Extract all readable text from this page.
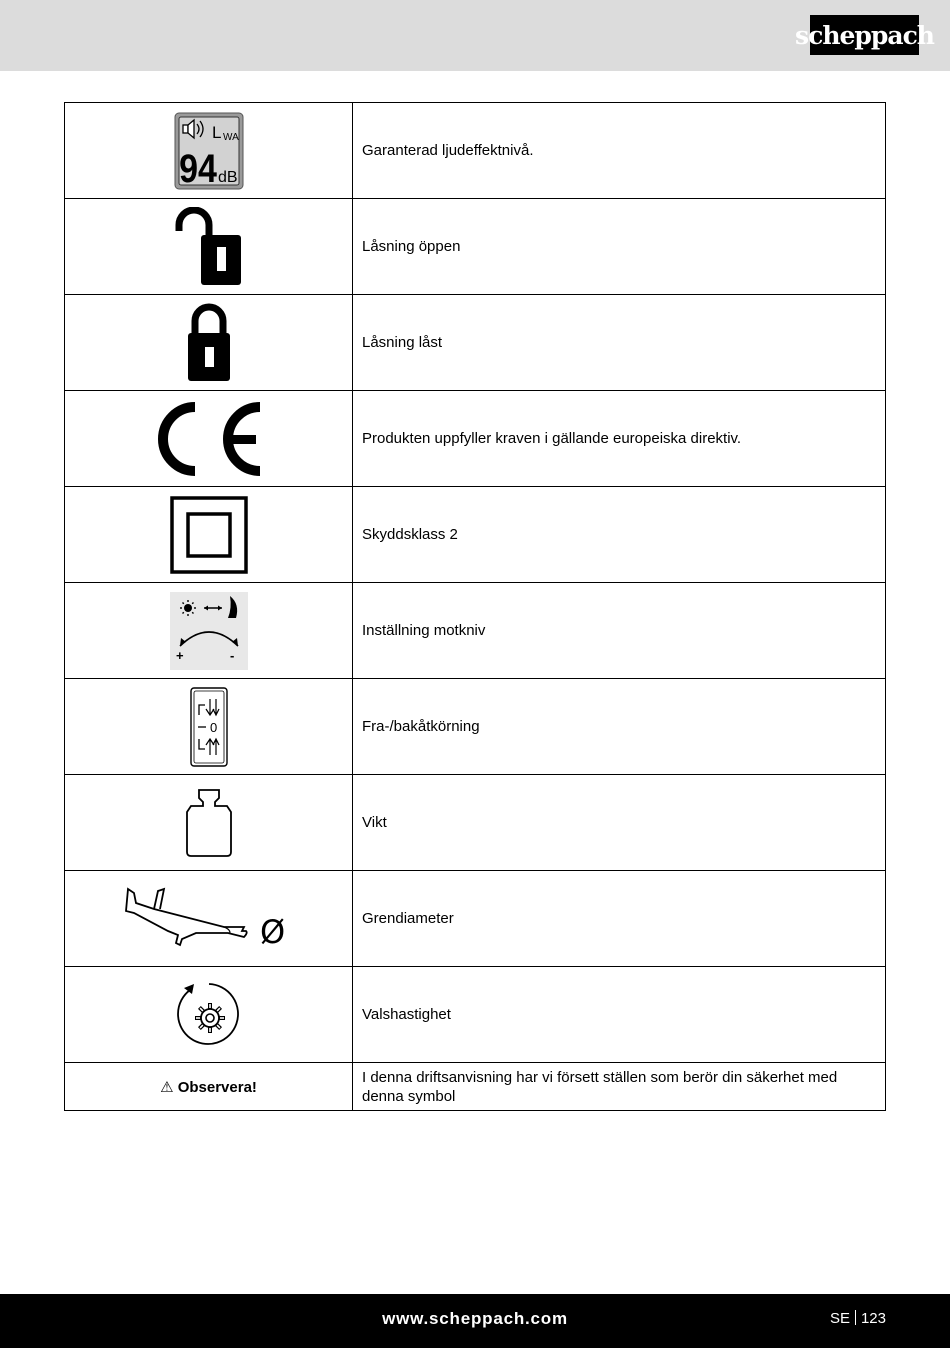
scheppach
L WA
94 dB	Garanterad ljudeffektnivå.
	Låsning öppen
	Låsning låst
	Produkten uppfyller kraven i gällande europeiska direktiv.
	Skyddsklass 2

+ -	Inställning motkniv

0	Fra-/bakåtkörning
	Vikt

Ø	Grendiameter
	Valshastighet
⚠ Observera!	I denna driftsanvisning har vi försett ställen som berör din säkerhet med denna symbol
www.scheppach.com	SE 123
